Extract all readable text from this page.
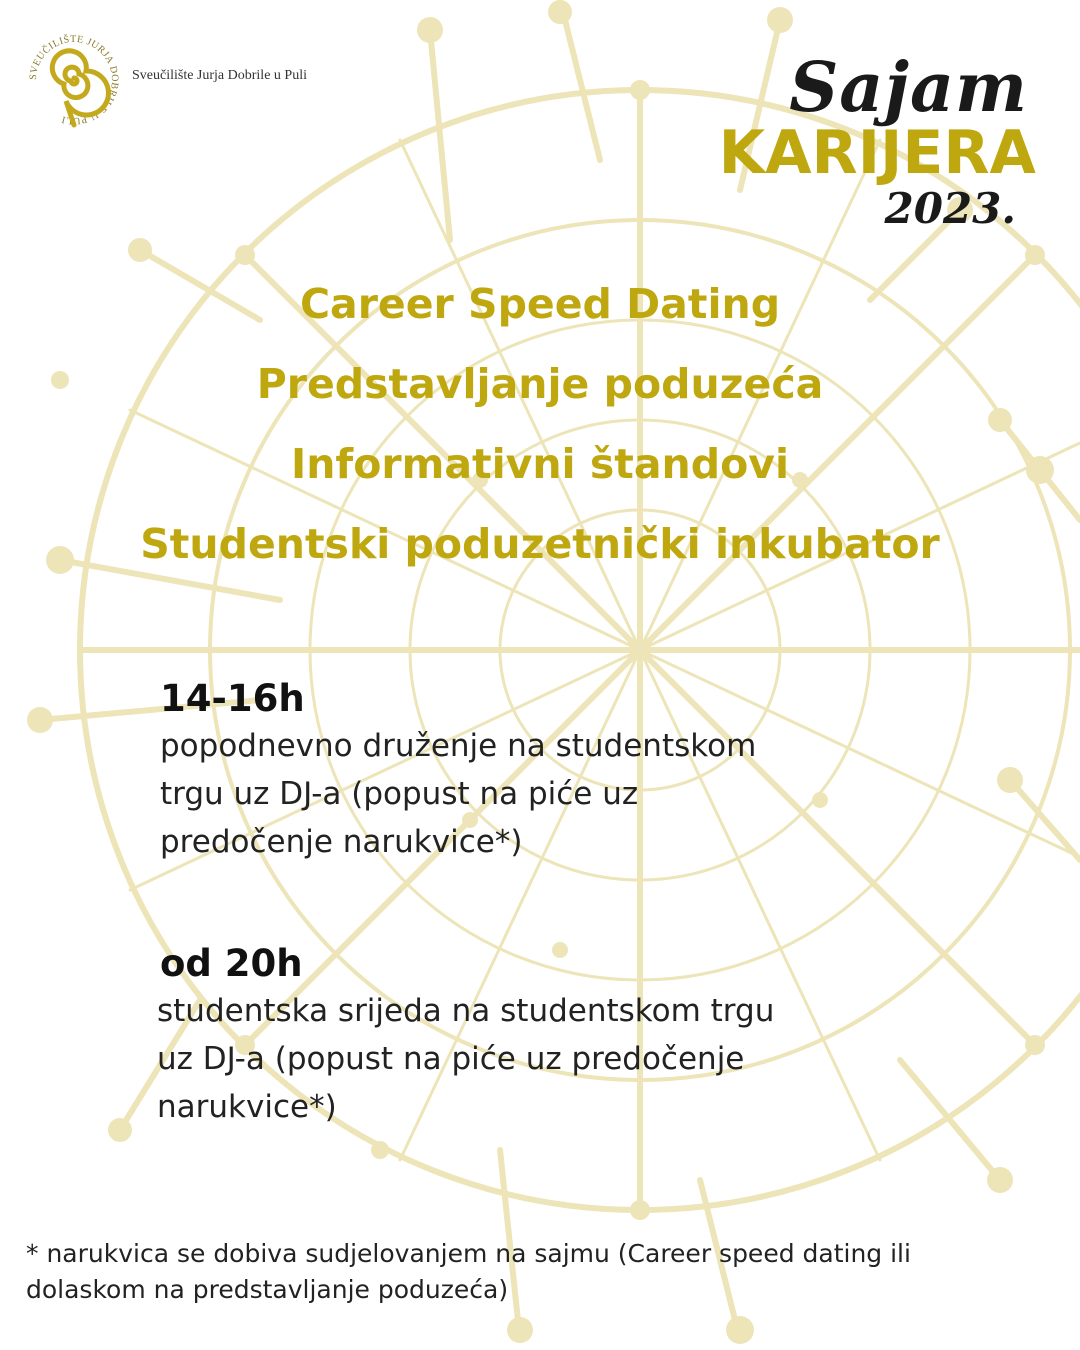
SVEUČILIŠTE JURJA DOBRILE U PULI
Sveučilište Jurja Dobrile u Puli	Sajam
KARIJERA
2023.
Career Speed Dating
Predstavljanje poduzeća
Informativni štandovi
Studentski poduzetnički inkubator
14-16h
popodnevno druženje na studentskom
trgu uz DJ-a (popust na piće uz
predočenje narukvice*)
od 20h
studentska srijeda na studentskom trgu
uz DJ-a (popust na piće uz predočenje
narukvice*)
* narukvica se dobiva sudjelovanjem na sajmu (Career speed dating ili
dolaskom na predstavljanje poduzeća)
